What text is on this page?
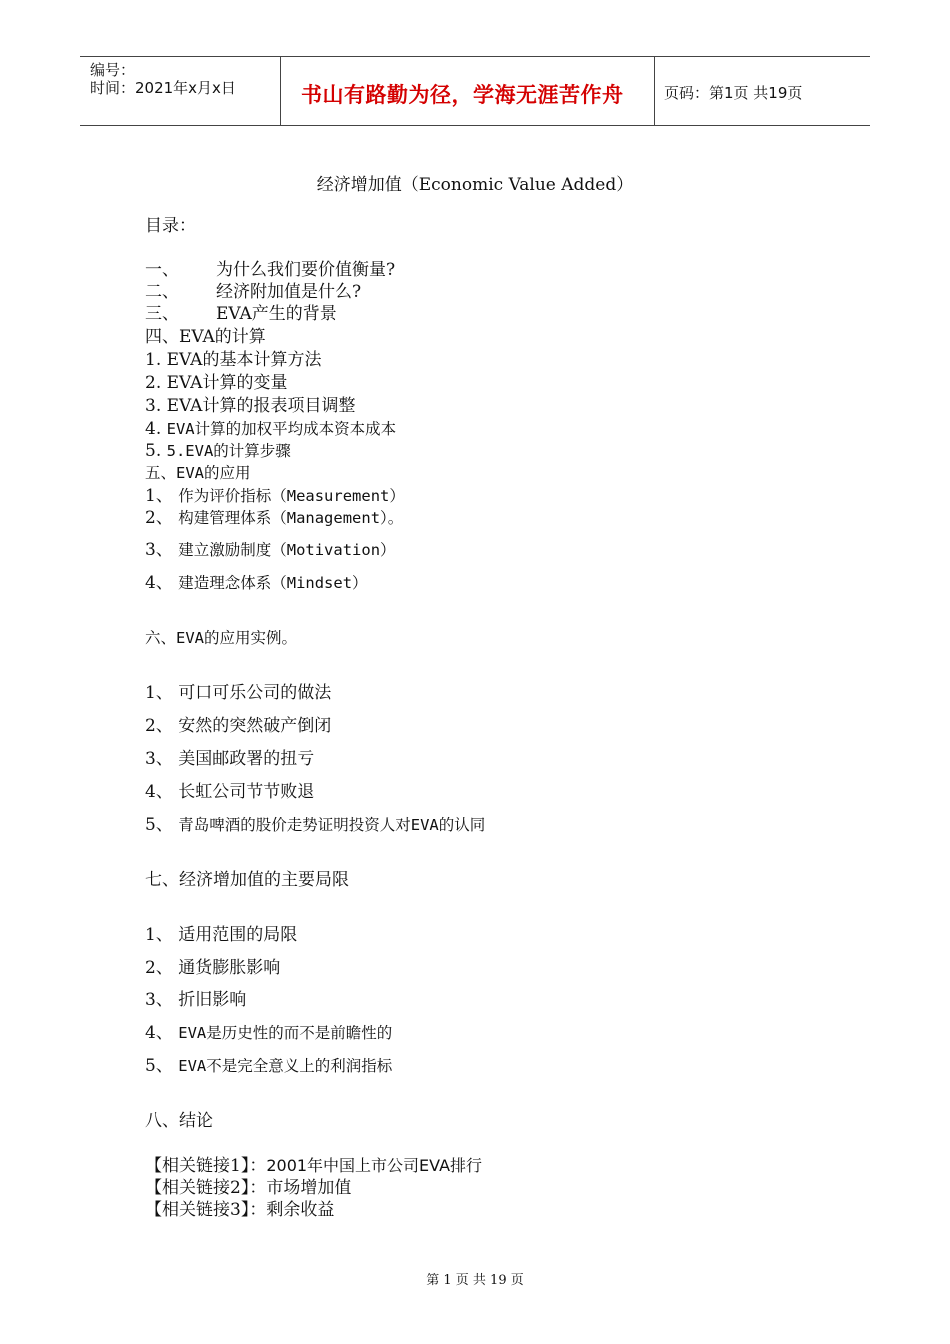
编号：
时间：2021年x月x日	书山有路勤为径，学海无涯苦作舟	页码：第1页 共19页
经济增加值（Economic Value Added）
目录：
一、 为什么我们要价值衡量?
二、 经济附加值是什么?
三、 EVA产生的背景
四、EVA的计算
1. EVA的基本计算方法
2. EVA计算的变量
3. EVA计算的报表项目调整
4. EVA计算的加权平均成本资本成本
5. 5.EVA的计算步骤
五、EVA的应用
1、 作为评价指标（Measurement）
2、 构建管理体系（Management）。
3、 建立激励制度（Motivation）
4、 建造理念体系（Mindset）
六、EVA的应用实例。
1、 可口可乐公司的做法
2、 安然的突然破产倒闭
3、 美国邮政署的扭亏
4、 长虹公司节节败退
5、 青岛啤酒的股价走势证明投资人对EVA的认同
七、经济增加值的主要局限
1、 适用范围的局限
2、 通货膨胀影响
3、 折旧影响
4、 EVA是历史性的而不是前瞻性的
5、 EVA不是完全意义上的利润指标
八、结论
【相关链接1】：2001年中国上市公司EVA排行
【相关链接2】：市场增加值
【相关链接3】：剩余收益
第 1 页 共 19 页
